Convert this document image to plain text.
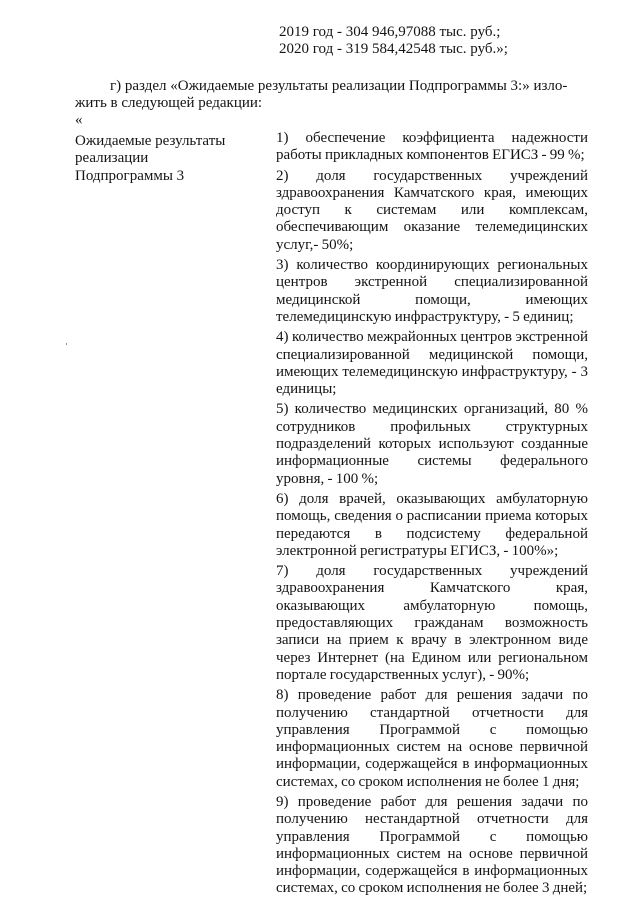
2019 год - 304 946,97088 тыс. руб.;
2020 год - 319 584,42548 тыс. руб.»;
г) раздел «Ожидаемые результаты реализации Подпрограммы 3:» изло-
жить в следующей редакции:
«
Ожидаемые результаты
реализации
Подпрограммы 3

1) обеспечение коэффициента надежности работы прикладных компонентов ЕГИСЗ - 99 %;

2) доля государственных учреждений здравоохранения Камчатского края, имеющих доступ к системам или комплексам, обеспечивающим оказание телемедицинских услуг,- 50%;

3) количество координирующих региональных центров экстренной специализированной медицинской помощи, имеющих телемедицинскую инфраструктуру, - 5 единиц;

4) количество межрайонных центров экстренной специализированной медицинской помощи, имеющих телемедицинскую инфраструктуру, - 3 единицы;

5) количество медицинских организаций, 80 % сотрудников профильных структурных подразделений которых используют созданные информационные системы федерального уровня, - 100 %;

6) доля врачей, оказывающих амбулаторную помощь, сведения о расписании приема которых передаются в подсистему федеральной электронной регистратуры ЕГИСЗ, - 100%»;

7) доля государственных учреждений здравоохранения Камчатского края, оказывающих амбулаторную помощь, предоставляющих гражданам возможность записи на прием к врачу в электронном виде через Интернет (на Едином или региональном портале государственных услуг), - 90%;

8) проведение работ для решения задачи по получению стандартной отчетности для управления Программой с помощью информационных систем на основе первичной информации, содержащейся в информационных системах, со сроком исполнения не более 1 дня;

9) проведение работ для решения задачи по получению нестандартной отчетности для управления Программой с помощью информационных систем на основе первичной информации, содержащейся в информационных системах, со сроком исполнения не более 3 дней;
